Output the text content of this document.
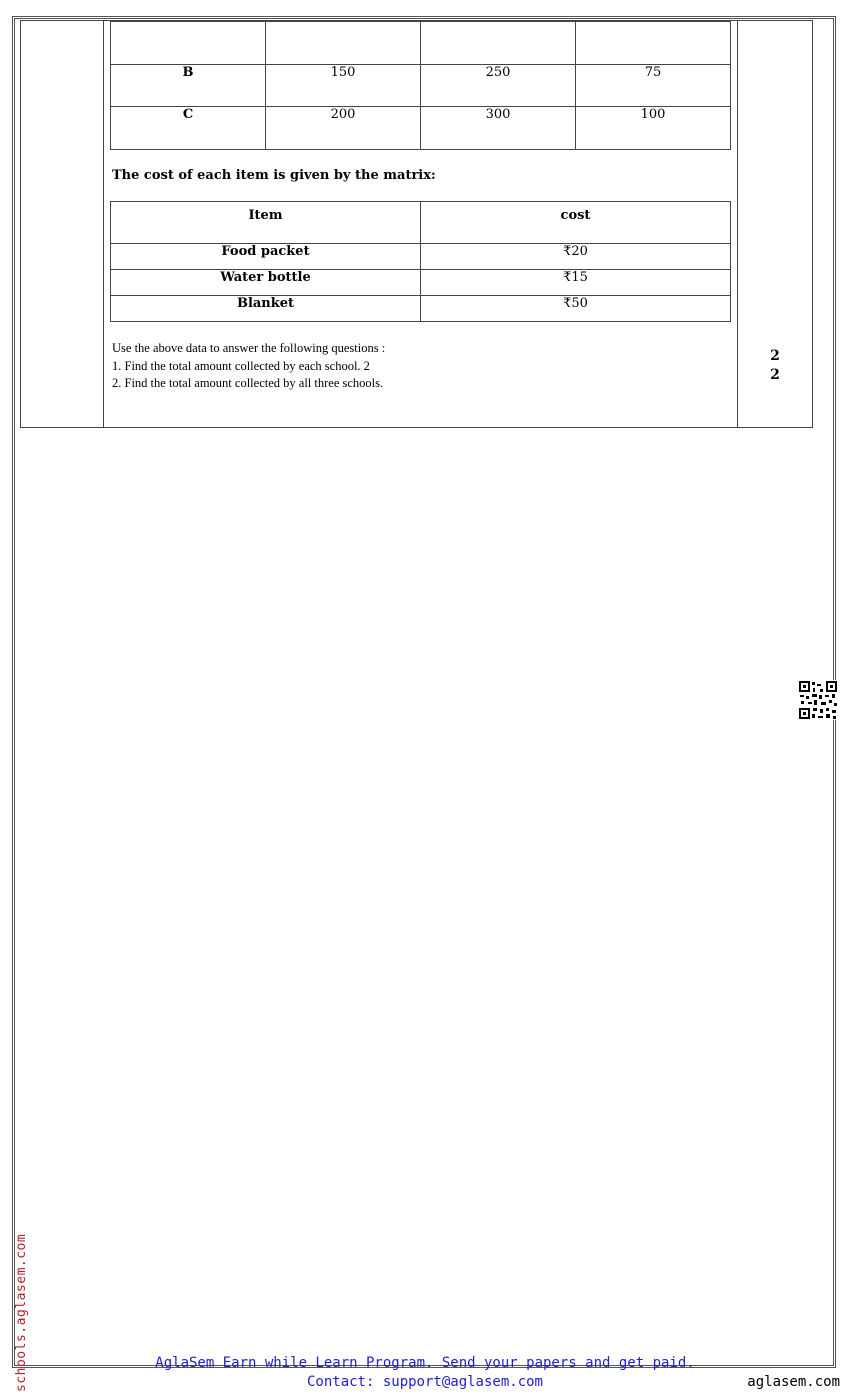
B	150	250	75
C	200	300	100
The cost of each item is given by the matrix:
Item	cost
Food packet	₹20
Water bottle	₹15
Blanket	₹50
Use the above data to answer the following questions :
1. Find the total amount collected by each school. 2
2. Find the total amount collected by all three schools.

2
2
schools.aglasem.com	AglaSem Earn while Learn Program. Send your papers and get paid.
Contact: support@aglasem.com	aglasem.com
